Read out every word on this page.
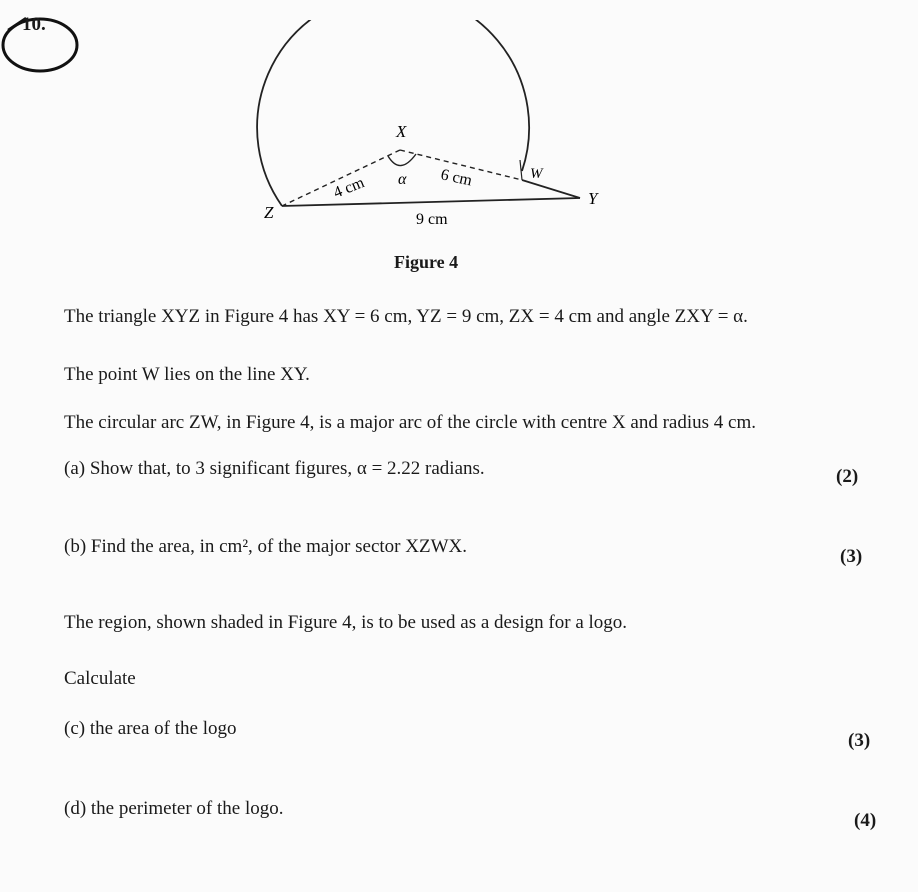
10.
X
Z
Y
W
α
4 cm	6 cm
9 cm
Figure 4
The triangle XYZ in Figure 4 has XY = 6 cm, YZ = 9 cm, ZX = 4 cm and angle ZXY = α.
The point W lies on the line XY.
The circular arc ZW, in Figure 4, is a major arc of the circle with centre X and radius 4 cm.
(a) Show that, to 3 significant figures, α = 2.22 radians.	(2)
(b) Find the area, in cm², of the major sector XZWX.	(3)
The region, shown shaded in Figure 4, is to be used as a design for a logo.
Calculate
(c) the area of the logo
(3)
(d) the perimeter of the logo.
(4)
